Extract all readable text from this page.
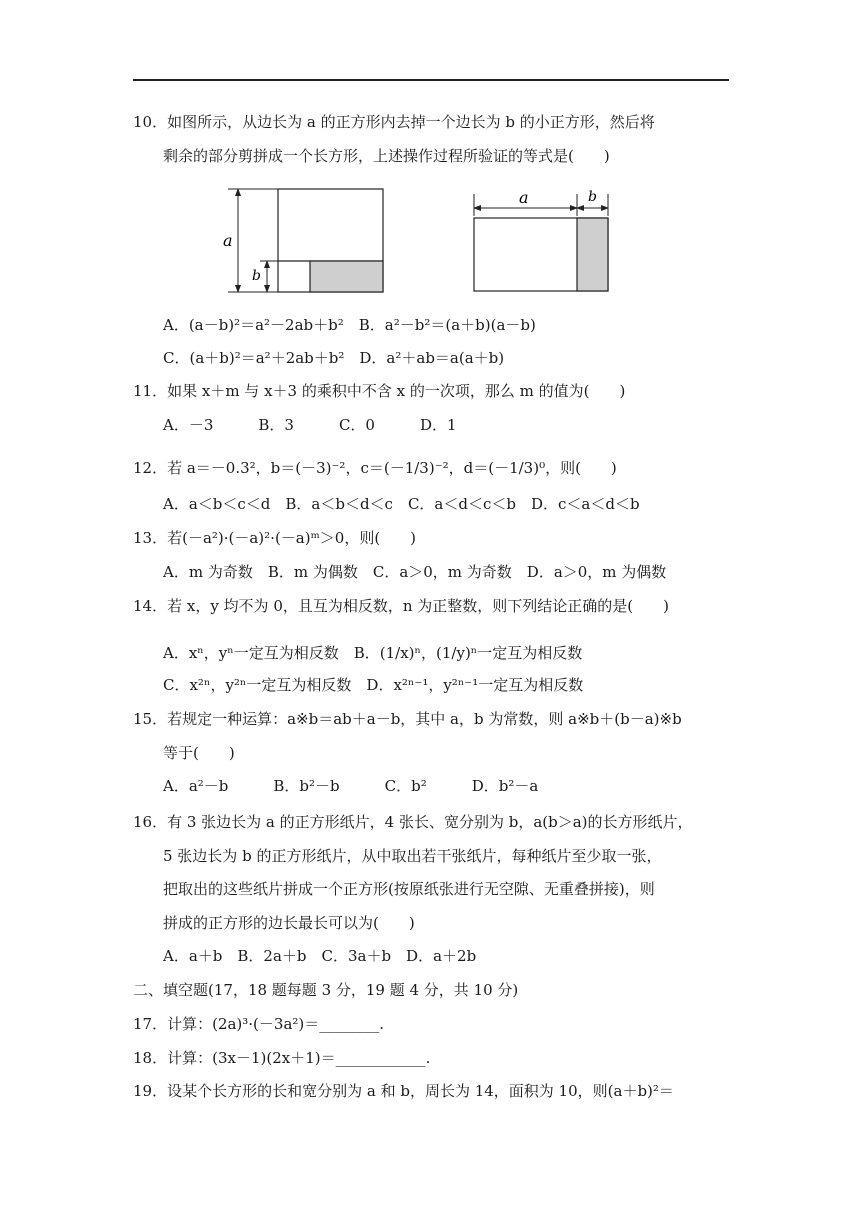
10．如图所示，从边长为 a 的正方形内去掉一个边长为 b 的小正方形，然后将
剩余的部分剪拼成一个长方形，上述操作过程所验证的等式是(　　)
a
b
a	b
A．(a－b)²＝a²－2ab＋b²　B．a²－b²＝(a＋b)(a－b)
C．(a＋b)²＝a²＋2ab＋b²　D．a²＋ab＝a(a＋b)
11．如果 x＋m 与 x＋3 的乘积中不含 x 的一次项，那么 m 的值为(　　)
A．－3　　　B．3　　　C．0　　　D．1
12．若 a＝－0.3²，b＝(－3)⁻²，c＝(－1/3)⁻²，d＝(－1/3)⁰，则(　　)
A．a＜b＜c＜d　B．a＜b＜d＜c　C．a＜d＜c＜b　D．c＜a＜d＜b
13．若(－a²)·(－a)²·(－a)ᵐ＞0，则(　　)
A．m 为奇数　B．m 为偶数　C．a＞0，m 为奇数　D．a＞0，m 为偶数
14．若 x，y 均不为 0，且互为相反数，n 为正整数，则下列结论正确的是(　　)
A．xⁿ，yⁿ一定互为相反数　B．(1/x)ⁿ，(1/y)ⁿ一定互为相反数
C．x²ⁿ，y²ⁿ一定互为相反数　D．x²ⁿ⁻¹，y²ⁿ⁻¹一定互为相反数
15．若规定一种运算：a※b＝ab＋a－b，其中 a，b 为常数，则 a※b＋(b－a)※b
等于(　　)
A．a²－b　　　B．b²－b　　　C．b²　　　D．b²－a
16．有 3 张边长为 a 的正方形纸片，4 张长、宽分别为 b，a(b＞a)的长方形纸片，
5 张边长为 b 的正方形纸片，从中取出若干张纸片，每种纸片至少取一张，
把取出的这些纸片拼成一个正方形(按原纸张进行无空隙、无重叠拼接)，则
拼成的正方形的边长最长可以为(　　)
A．a＋b　B．2a＋b　C．3a＋b　D．a＋2b
二、填空题(17，18 题每题 3 分，19 题 4 分，共 10 分)
17．计算：(2a)³·(－3a²)＝________.
18．计算：(3x－1)(2x＋1)＝____________.
19．设某个长方形的长和宽分别为 a 和 b，周长为 14，面积为 10，则(a＋b)²＝
